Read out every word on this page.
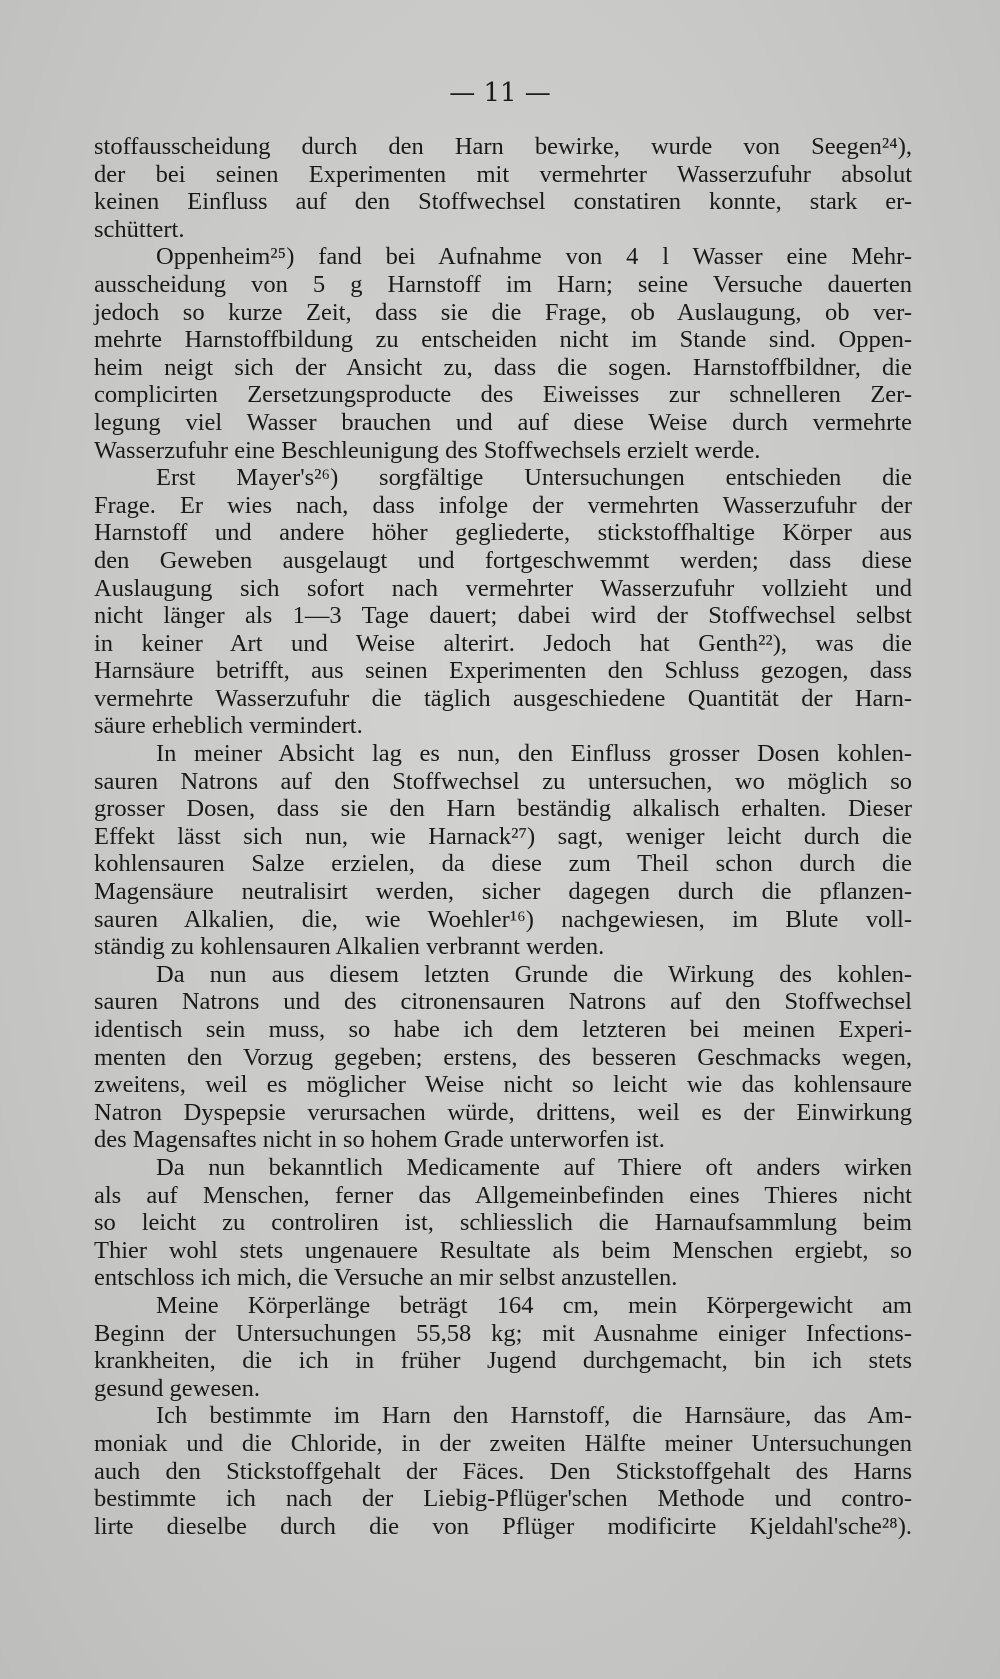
— 11 —
stoffausscheidung durch den Harn bewirke, wurde von Seegen²⁴),
der bei seinen Experimenten mit vermehrter Wasserzufuhr absolut
keinen Einfluss auf den Stoffwechsel constatiren konnte, stark er-
schüttert.
Oppenheim²⁵) fand bei Aufnahme von 4 l Wasser eine Mehr-
ausscheidung von 5 g Harnstoff im Harn; seine Versuche dauerten
jedoch so kurze Zeit, dass sie die Frage, ob Auslaugung, ob ver-
mehrte Harnstoffbildung zu entscheiden nicht im Stande sind. Oppen-
heim neigt sich der Ansicht zu, dass die sogen. Harnstoffbildner, die
complicirten Zersetzungsproducte des Eiweisses zur schnelleren Zer-
legung viel Wasser brauchen und auf diese Weise durch vermehrte
Wasserzufuhr eine Beschleunigung des Stoffwechsels erzielt werde.
Erst Mayer's²⁶) sorgfältige Untersuchungen entschieden die
Frage. Er wies nach, dass infolge der vermehrten Wasserzufuhr der
Harnstoff und andere höher gegliederte, stickstoffhaltige Körper aus
den Geweben ausgelaugt und fortgeschwemmt werden; dass diese
Auslaugung sich sofort nach vermehrter Wasserzufuhr vollzieht und
nicht länger als 1—3 Tage dauert; dabei wird der Stoffwechsel selbst
in keiner Art und Weise alterirt. Jedoch hat Genth²²), was die
Harnsäure betrifft, aus seinen Experimenten den Schluss gezogen, dass
vermehrte Wasserzufuhr die täglich ausgeschiedene Quantität der Harn-
säure erheblich vermindert.
In meiner Absicht lag es nun, den Einfluss grosser Dosen kohlen-
sauren Natrons auf den Stoffwechsel zu untersuchen, wo möglich so
grosser Dosen, dass sie den Harn beständig alkalisch erhalten. Dieser
Effekt lässt sich nun, wie Harnack²⁷) sagt, weniger leicht durch die
kohlensauren Salze erzielen, da diese zum Theil schon durch die
Magensäure neutralisirt werden, sicher dagegen durch die pflanzen-
sauren Alkalien, die, wie Woehler¹⁶) nachgewiesen, im Blute voll-
ständig zu kohlensauren Alkalien verbrannt werden.
Da nun aus diesem letzten Grunde die Wirkung des kohlen-
sauren Natrons und des citronensauren Natrons auf den Stoffwechsel
identisch sein muss, so habe ich dem letzteren bei meinen Experi-
menten den Vorzug gegeben; erstens, des besseren Geschmacks wegen,
zweitens, weil es möglicher Weise nicht so leicht wie das kohlensaure
Natron Dyspepsie verursachen würde, drittens, weil es der Einwirkung
des Magensaftes nicht in so hohem Grade unterworfen ist.
Da nun bekanntlich Medicamente auf Thiere oft anders wirken
als auf Menschen, ferner das Allgemeinbefinden eines Thieres nicht
so leicht zu controliren ist, schliesslich die Harnaufsammlung beim
Thier wohl stets ungenauere Resultate als beim Menschen ergiebt, so
entschloss ich mich, die Versuche an mir selbst anzustellen.
Meine Körperlänge beträgt 164 cm, mein Körpergewicht am
Beginn der Untersuchungen 55,58 kg; mit Ausnahme einiger Infections-
krankheiten, die ich in früher Jugend durchgemacht, bin ich stets
gesund gewesen.
Ich bestimmte im Harn den Harnstoff, die Harnsäure, das Am-
moniak und die Chloride, in der zweiten Hälfte meiner Untersuchungen
auch den Stickstoffgehalt der Fäces. Den Stickstoffgehalt des Harns
bestimmte ich nach der Liebig-Pflüger'schen Methode und contro-
lirte dieselbe durch die von Pflüger modificirte Kjeldahl'sche²⁸).
